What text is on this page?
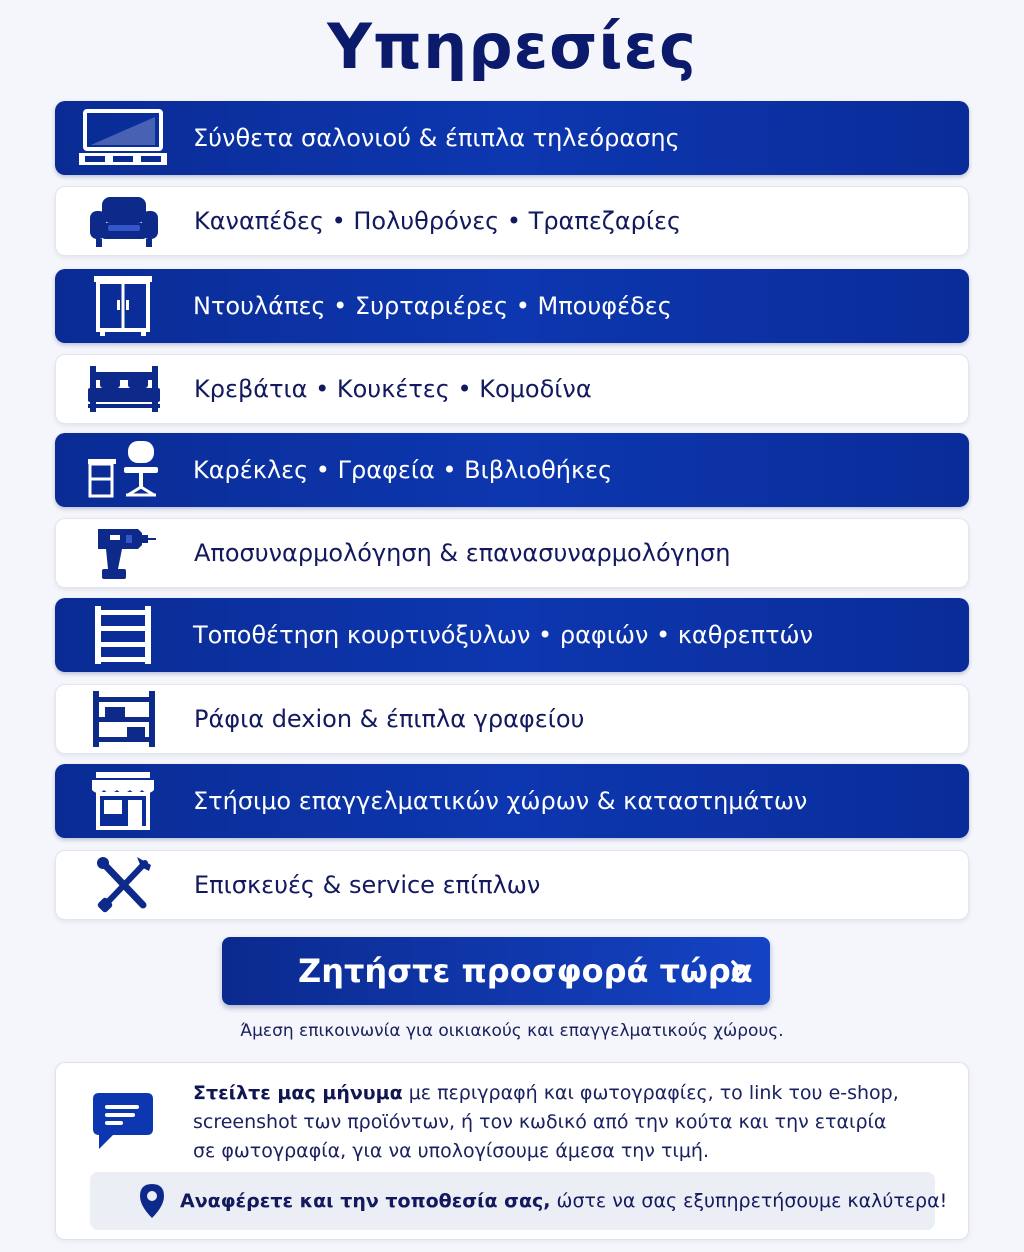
Υπηρεσίες
Σύνθετα σαλονιού & έπιπλα τηλεόρασης
Καναπέδες • Πολυθρόνες • Τραπεζαρίες
Ντουλάπες • Συρταριέρες • Μπουφέδες
Κρεβάτια • Κουκέτες • Κομοδίνα
Καρέκλες • Γραφεία • Βιβλιοθήκες
Αποσυναρμολόγηση & επανασυναρμολόγηση
Τοποθέτηση κουρτινόξυλων • ραφιών • καθρεπτών
Ράφια dexion & έπιπλα γραφείου
Στήσιμο επαγγελματικών χώρων & καταστημάτων
Επισκευές & service επίπλων
Ζητήστε προσφορά τώρα
Άμεση επικοινωνία για οικιακούς και επαγγελματικούς χώρους.
Στείλτε μας μήνυμα με περιγραφή και φωτογραφίες, το link του e-shop,
screenshot των προϊόντων, ή τον κωδικό από την κούτα και την εταιρία
σε φωτογραφία, για να υπολογίσουμε άμεσα την τιμή.
Αναφέρετε και την τοποθεσία σας, ώστε να σας εξυπηρετήσουμε καλύτερα!
